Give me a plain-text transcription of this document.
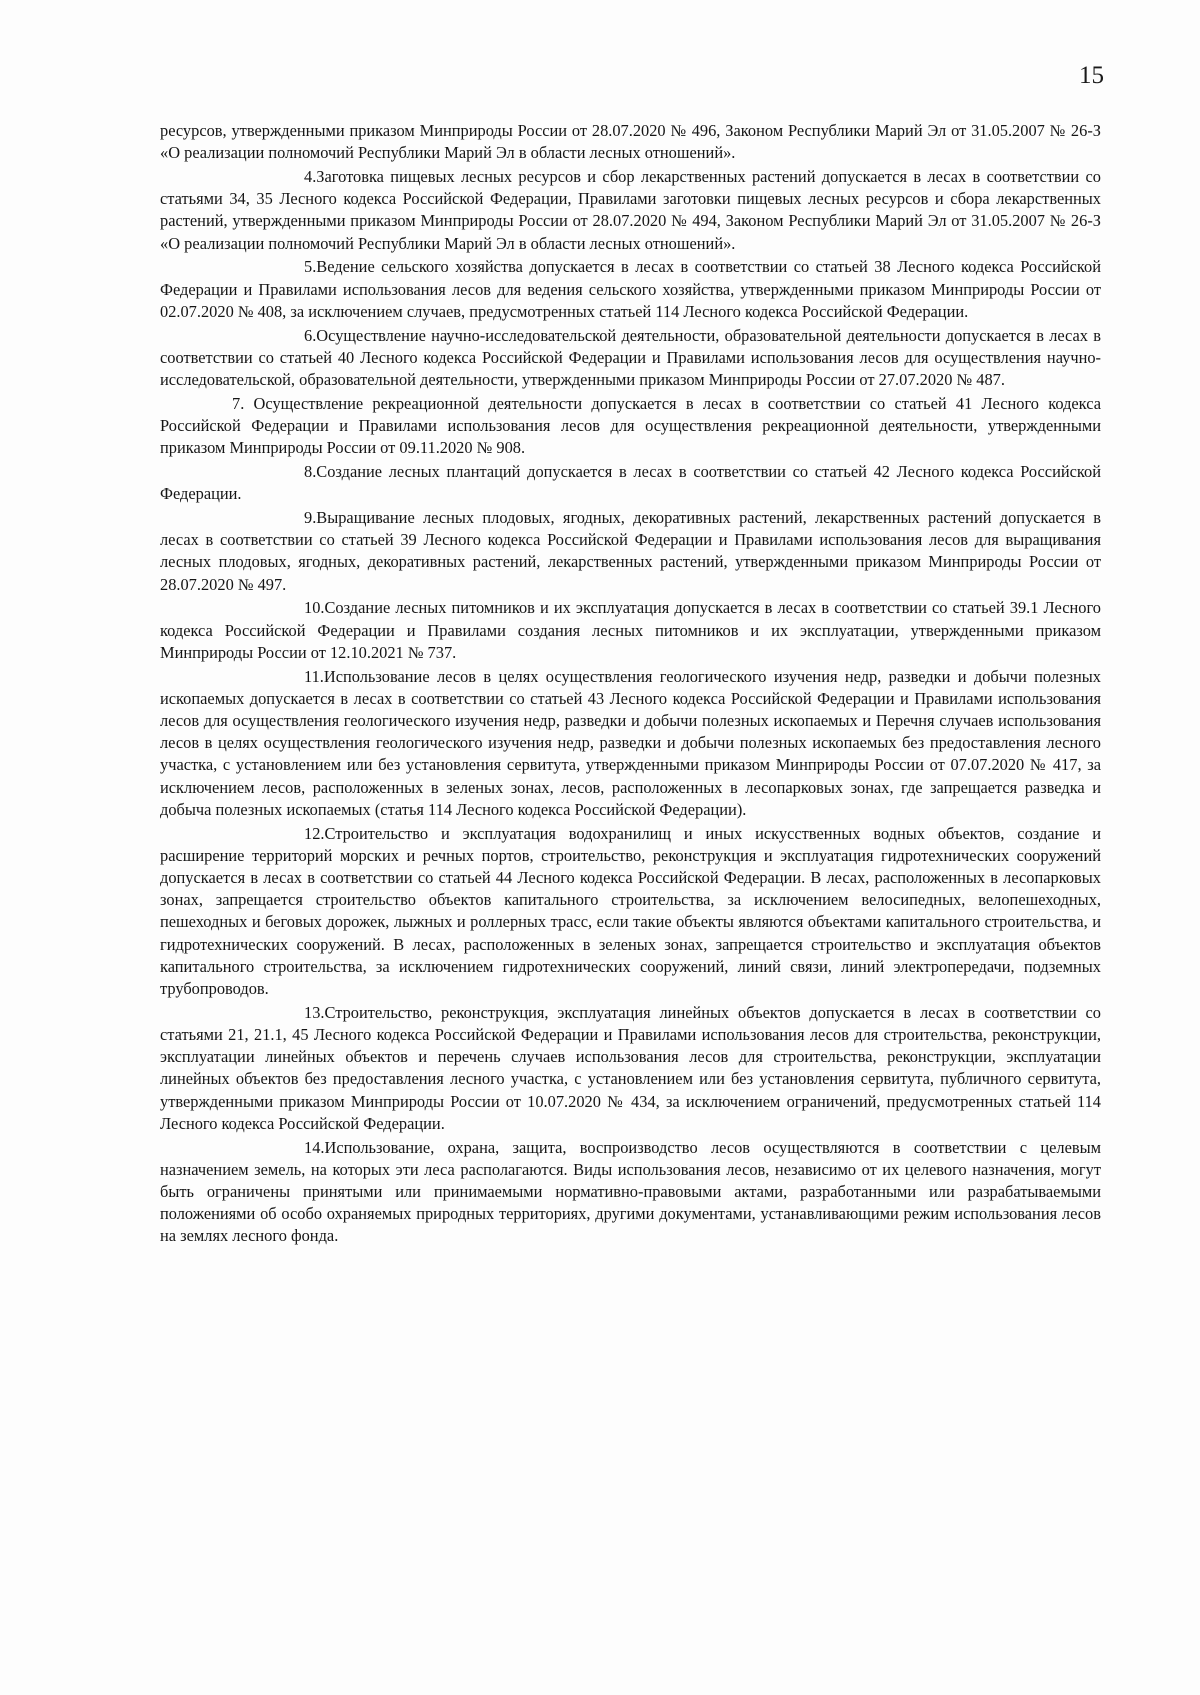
15

ресурсов, утвержденными приказом Минприроды России от 28.07.2020 № 496, Законом Республики Марий Эл от 31.05.2007 № 26-З «О реализации полномочий Республики Марий Эл в области лесных отношений».

4.Заготовка пищевых лесных ресурсов и сбор лекарственных растений допускается в лесах в соответствии со статьями 34, 35 Лесного кодекса Российской Федерации, Правилами заготовки пищевых лесных ресурсов и сбора лекарственных растений, утвержденными приказом Минприроды России от 28.07.2020 № 494, Законом Республики Марий Эл от 31.05.2007 № 26-З «О реализации полномочий Республики Марий Эл в области лесных отношений».

5.Ведение сельского хозяйства допускается в лесах в соответствии со статьей 38 Лесного кодекса Российской Федерации и Правилами использования лесов для ведения сельского хозяйства, утвержденными приказом Минприроды России от 02.07.2020 № 408, за исключением случаев, предусмотренных статьей 114 Лесного кодекса Российской Федерации.

6.Осуществление научно-исследовательской деятельности, образовательной деятельности допускается в лесах в соответствии со статьей 40 Лесного кодекса Российской Федерации и Правилами использования лесов для осуществления научно-исследовательской, образовательной деятельности, утвержденными приказом Минприроды России от 27.07.2020 № 487.

7. Осуществление рекреационной деятельности допускается в лесах в соответствии со статьей 41 Лесного кодекса Российской Федерации и Правилами использования лесов для осуществления рекреационной деятельности, утвержденными приказом Минприроды России от 09.11.2020 № 908.

8.Создание лесных плантаций допускается в лесах в соответствии со статьей 42 Лесного кодекса Российской Федерации.

9.Выращивание лесных плодовых, ягодных, декоративных растений, лекарственных растений допускается в лесах в соответствии со статьей 39 Лесного кодекса Российской Федерации и Правилами использования лесов для выращивания лесных плодовых, ягодных, декоративных растений, лекарственных растений, утвержденными приказом Минприроды России от 28.07.2020 № 497.

10.Создание лесных питомников и их эксплуатация допускается в лесах в соответствии со статьей 39.1 Лесного кодекса Российской Федерации и Правилами создания лесных питомников и их эксплуатации, утвержденными приказом Минприроды России от 12.10.2021 № 737.

11.Использование лесов в целях осуществления геологического изучения недр, разведки и добычи полезных ископаемых допускается в лесах в соответствии со статьей 43 Лесного кодекса Российской Федерации и Правилами использования лесов для осуществления геологического изучения недр, разведки и добычи полезных ископаемых и Перечня случаев использования лесов в целях осуществления геологического изучения недр, разведки и добычи полезных ископаемых без предоставления лесного участка, с установлением или без установления сервитута, утвержденными приказом Минприроды России от 07.07.2020 № 417, за исключением лесов, расположенных в зеленых зонах, лесов, расположенных в лесопарковых зонах, где запрещается разведка и добыча полезных ископаемых (статья 114 Лесного кодекса Российской Федерации).

12.Строительство и эксплуатация водохранилищ и иных искусственных водных объектов, создание и расширение территорий морских и речных портов, строительство, реконструкция и эксплуатация гидротехнических сооружений допускается в лесах в соответствии со статьей 44 Лесного кодекса Российской Федерации. В лесах, расположенных в лесопарковых зонах, запрещается строительство объектов капитального строительства, за исключением велосипедных, велопешеходных, пешеходных и беговых дорожек, лыжных и роллерных трасс, если такие объекты являются объектами капитального строительства, и гидротехнических сооружений. В лесах, расположенных в зеленых зонах, запрещается строительство и эксплуатация объектов капитального строительства, за исключением гидротехнических сооружений, линий связи, линий электропередачи, подземных трубопроводов.

13.Строительство, реконструкция, эксплуатация линейных объектов допускается в лесах в соответствии со статьями 21, 21.1, 45 Лесного кодекса Российской Федерации и Правилами использования лесов для строительства, реконструкции, эксплуатации линейных объектов и перечень случаев использования лесов для строительства, реконструкции, эксплуатации линейных объектов без предоставления лесного участка, с установлением или без установления сервитута, публичного сервитута, утвержденными приказом Минприроды России от 10.07.2020 № 434, за исключением ограничений, предусмотренных статьей 114 Лесного кодекса Российской Федерации.

14.Использование, охрана, защита, воспроизводство лесов осуществляются в соответствии с целевым назначением земель, на которых эти леса располагаются. Виды использования лесов, независимо от их целевого назначения, могут быть ограничены принятыми или принимаемыми нормативно-правовыми актами, разработанными или разрабатываемыми положениями об особо охраняемых природных территориях, другими документами, устанавливающими режим использования лесов на землях лесного фонда.
